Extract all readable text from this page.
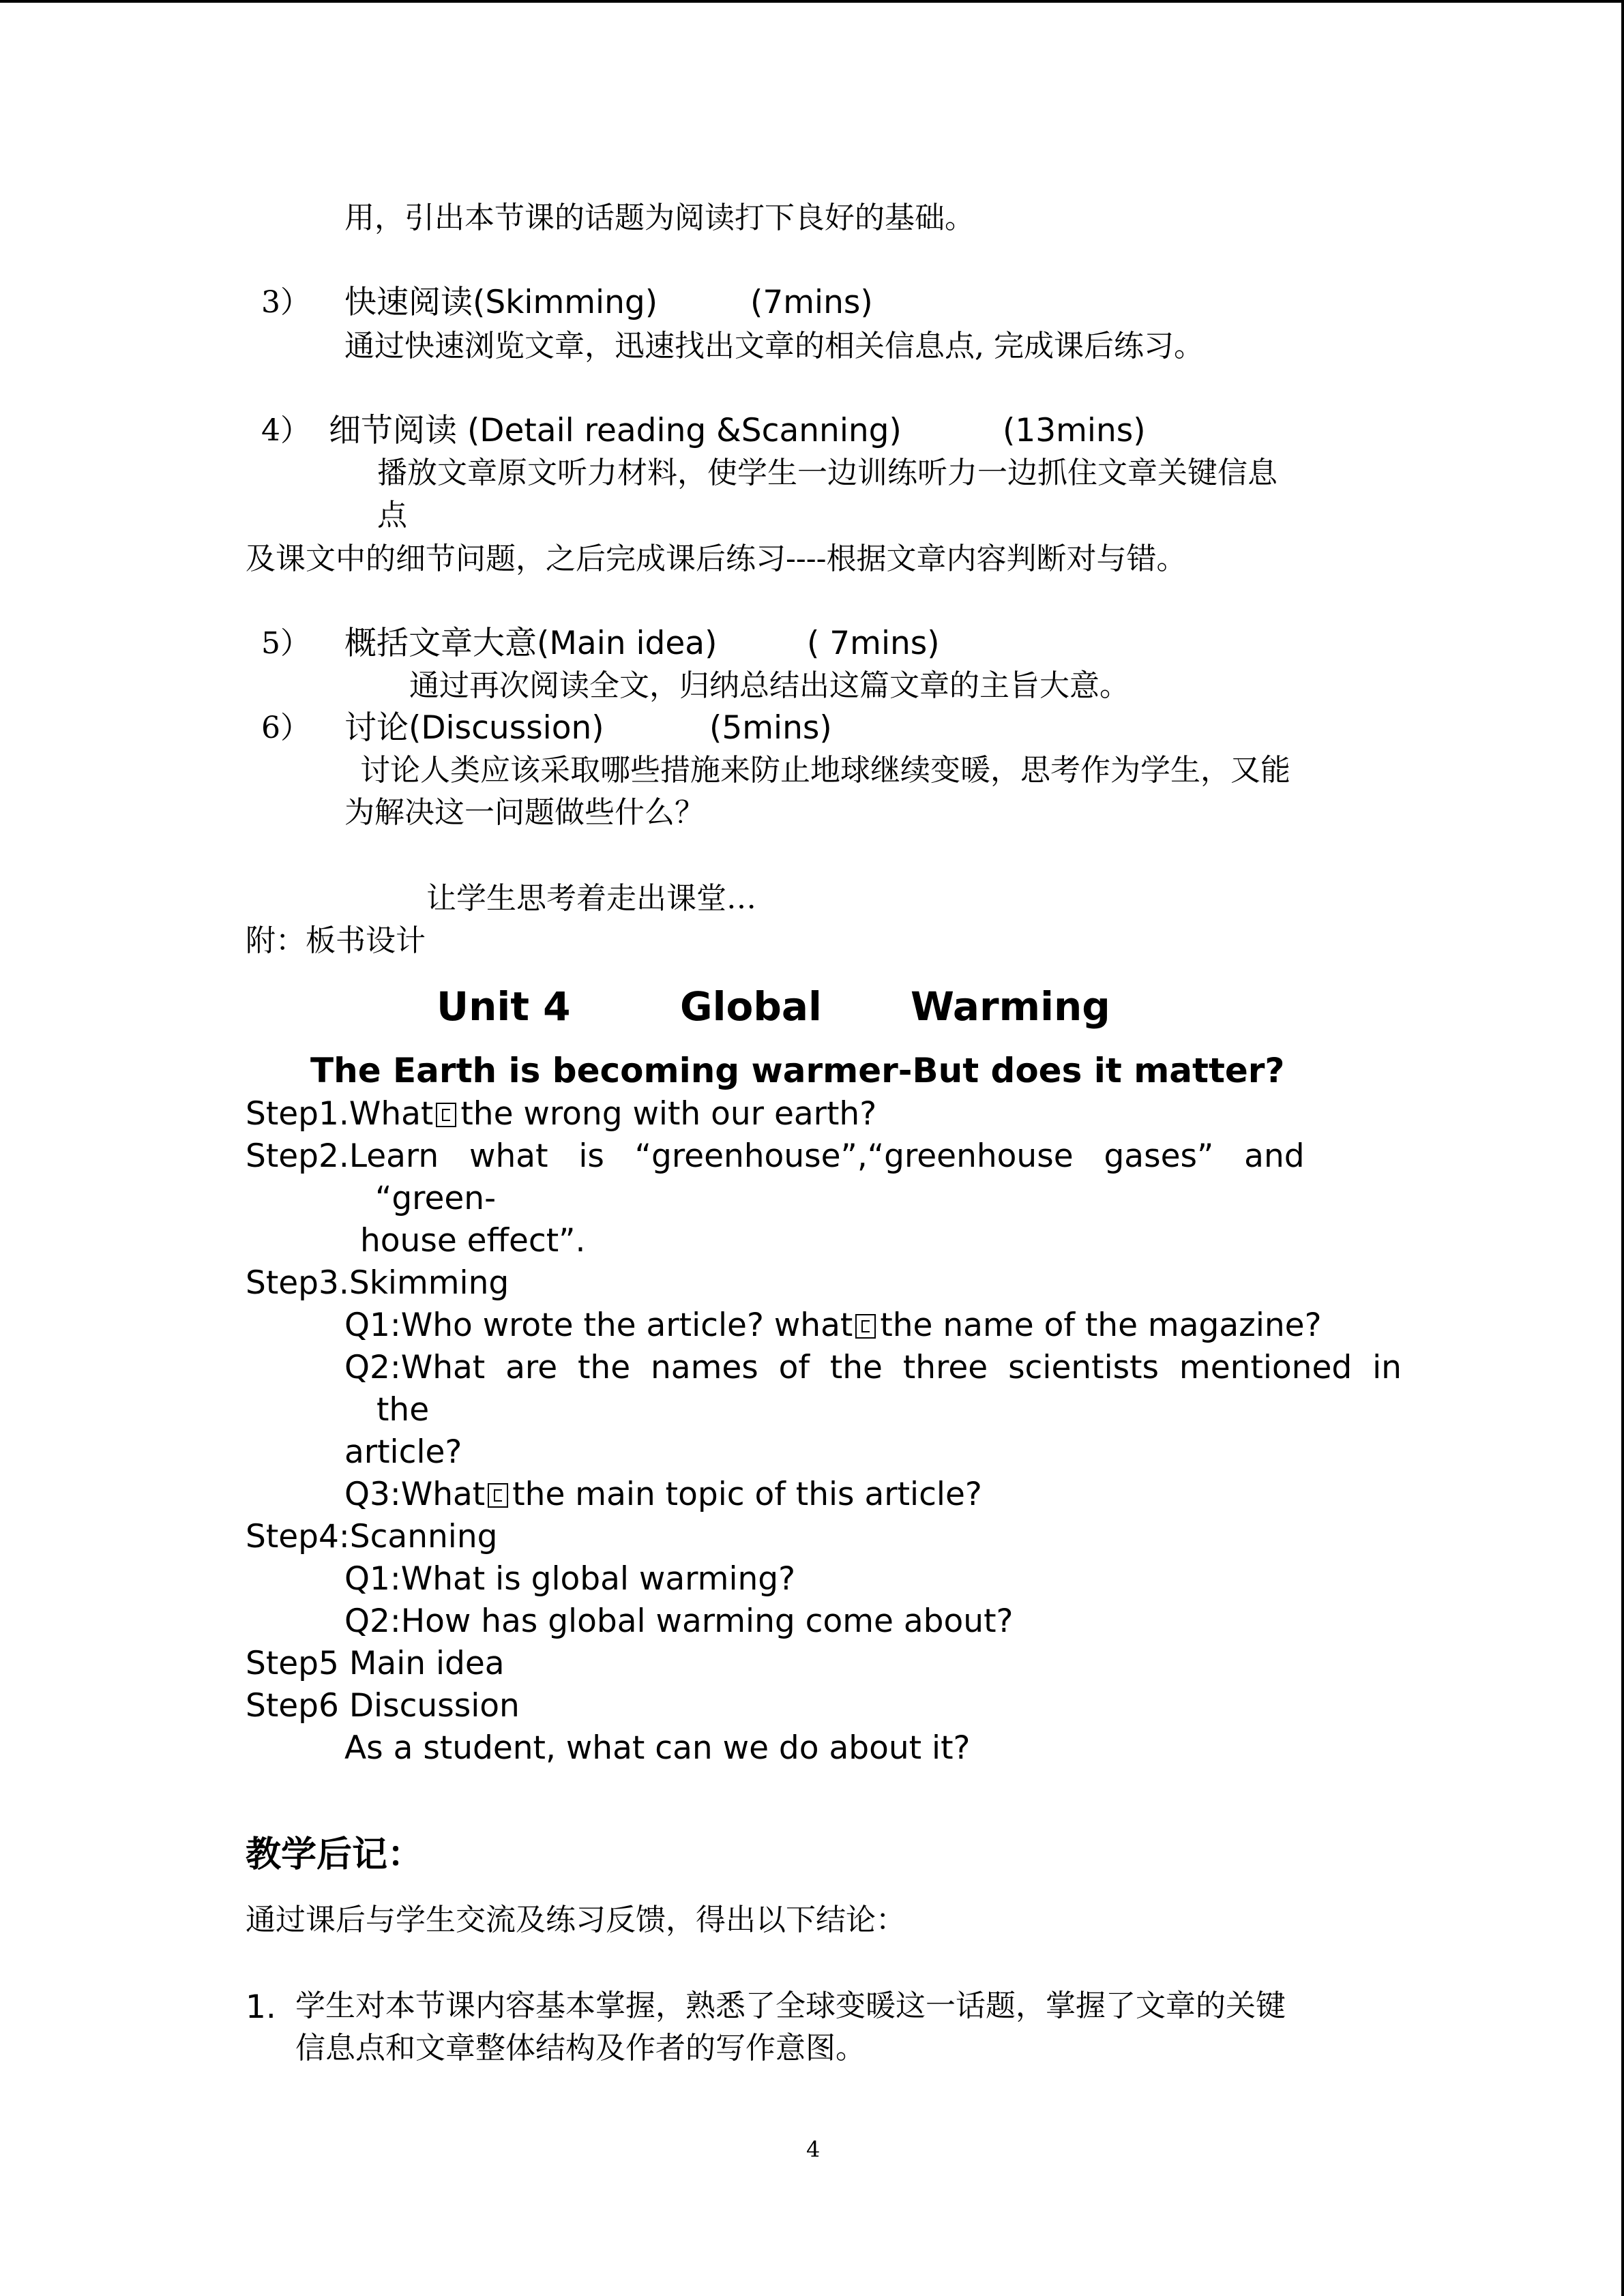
用，引出本节课的话题为阅读打下良好的基础。
3） 快速阅读(Skimming)	(7mins)
通过快速浏览文章，迅速找出文章的相关信息点, 完成课后练习。
4） 细节阅读 (Detail reading &Scanning)	(13mins)
播放文章原文听力材料，使学生一边训练听力一边抓住文章关键信息
点
及课文中的细节问题，之后完成课后练习----根据文章内容判断对与错。
5） 概括文章大意(Main idea)	( 7mins)
通过再次阅读全文，归纳总结出这篇文章的主旨大意。
6） 讨论(Discussion)	(5mins)
讨论人类应该采取哪些措施来防止地球继续变暖，思考作为学生，又能
为解决这一问题做些什么？
让学生思考着走出课堂…
附：板书设计
Unit 4	Global Warming
The Earth is becoming warmer-But does it matter?
Step1.What the wrong with our earth?
Step2.Learn   what   is   “greenhouse”,“greenhouse   gases”   and
“green-
house effect”.
Step3.Skimming
Q1:Who wrote the article? what the name of the magazine?
Q2:What  are  the  names  of  the  three  scientists  mentioned  in
the
article?
Q3:What the main topic of this article?
Step4:Scanning
Q1:What is global warming?
Q2:How has global warming come about?
Step5 Main idea
Step6 Discussion
As a student, what can we do about it?
教学后记：
通过课后与学生交流及练习反馈，得出以下结论：
1. 学生对本节课内容基本掌握，熟悉了全球变暖这一话题，掌握了文章的关键
信息点和文章整体结构及作者的写作意图。
4
